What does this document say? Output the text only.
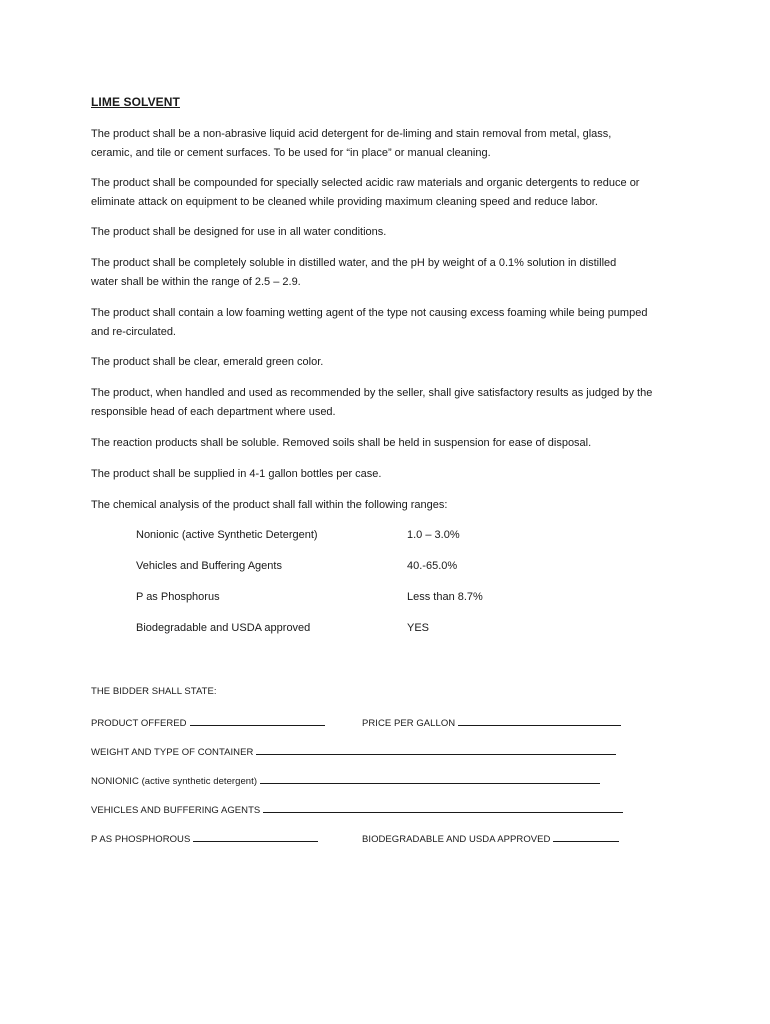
LIME SOLVENT
The product shall be a non-abrasive liquid acid detergent for de-liming and stain removal from metal, glass,
ceramic, and tile or cement surfaces. To be used for “in place” or manual cleaning.
The product shall be compounded for specially selected acidic raw materials and organic detergents to reduce or
eliminate attack on equipment to be cleaned while providing maximum cleaning speed and reduce labor.
The product shall be designed for use in all water conditions.
The product shall be completely soluble in distilled water, and the pH by weight of a 0.1% solution in distilled
water shall be within the range of 2.5 – 2.9.
The product shall contain a low foaming wetting agent of the type not causing excess foaming while being pumped
and re-circulated.
The product shall be clear, emerald green color.
The product, when handled and used as recommended by the seller, shall give satisfactory results as judged by the
responsible head of each department where used.
The reaction products shall be soluble. Removed soils shall be held in suspension for ease of disposal.
The product shall be supplied in 4-1 gallon bottles per case.
The chemical analysis of the product shall fall within the following ranges:
Nonionic (active Synthetic Detergent)	1.0 – 3.0%
Vehicles and Buffering Agents	40.-65.0%
P as Phosphorus	Less than 8.7%
Biodegradable and USDA approved	YES
THE BIDDER SHALL STATE:
PRODUCT OFFERED	PRICE PER GALLON
WEIGHT AND TYPE OF CONTAINER
NONIONIC (active synthetic detergent)
VEHICLES AND BUFFERING AGENTS
P AS PHOSPHOROUS	BIODEGRADABLE AND USDA APPROVED
